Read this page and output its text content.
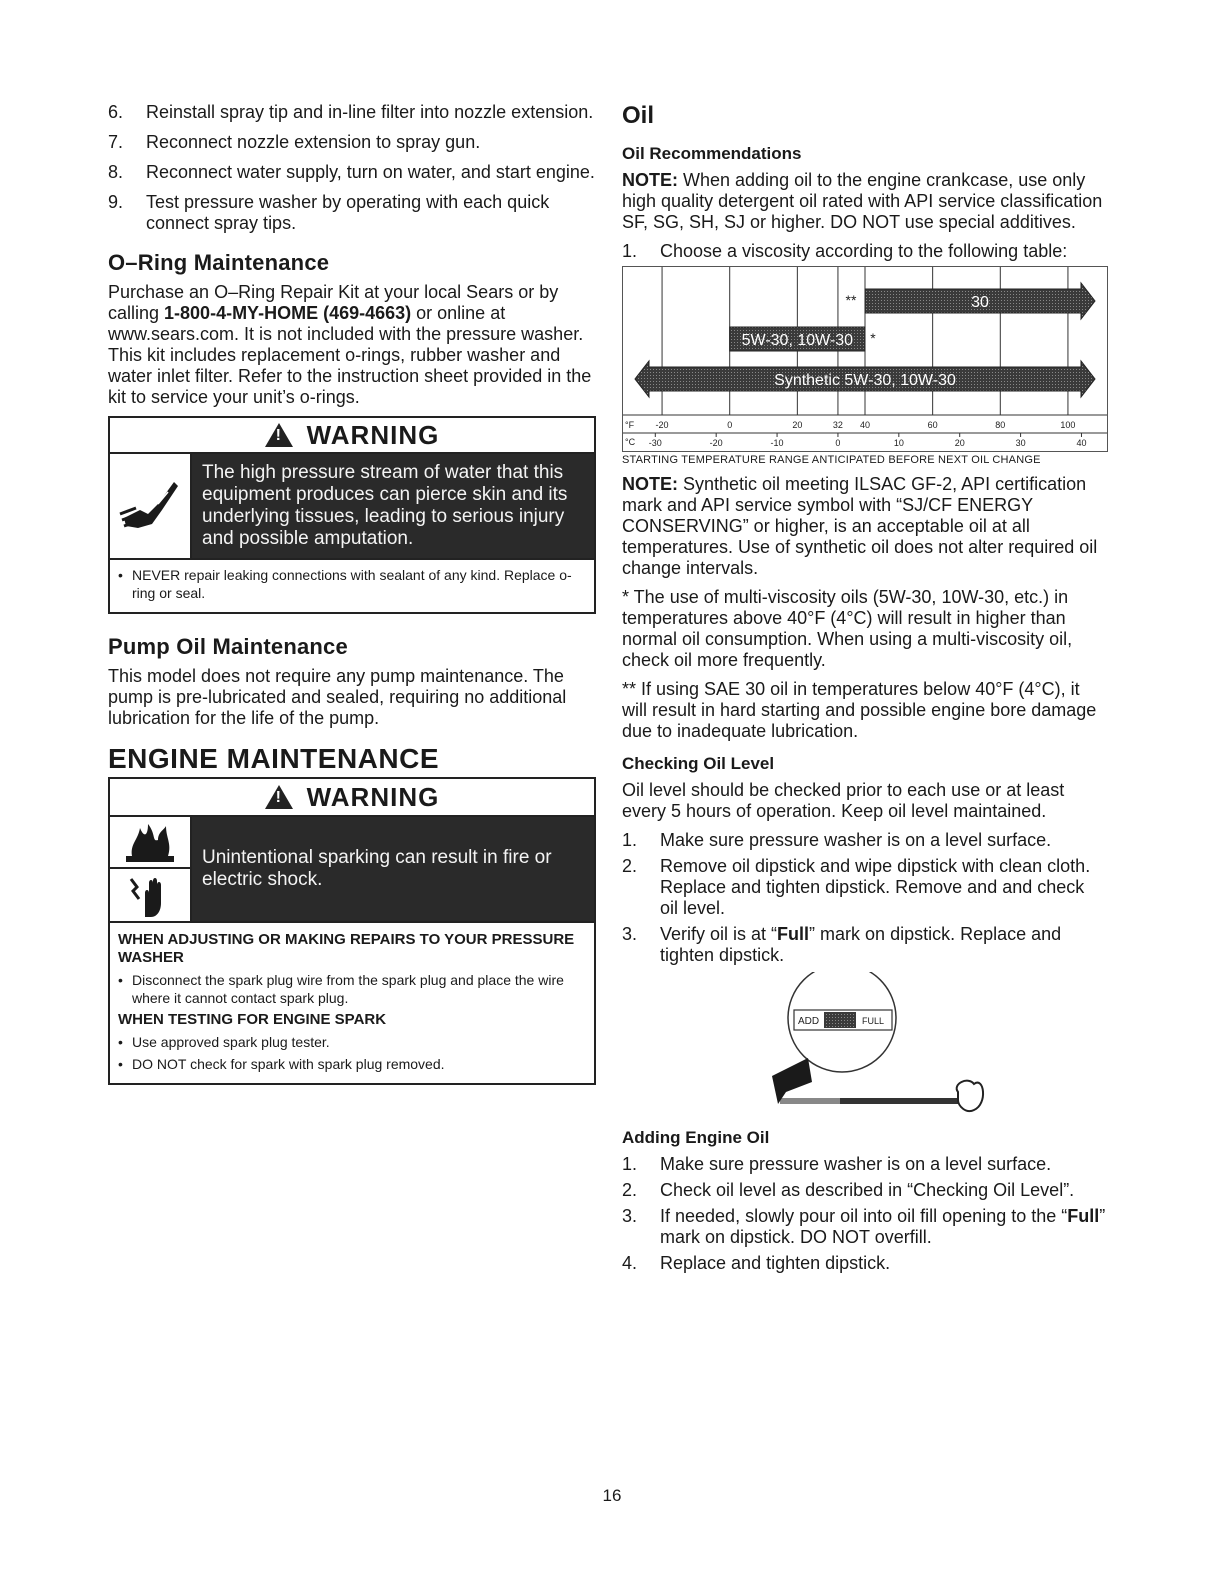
6. Reinstall spray tip and in-line filter into nozzle extension.
7. Reconnect nozzle extension to spray gun.
8. Reconnect water supply, turn on water, and start engine.
9. Test pressure washer by operating with each quick connect spray tips.
O–Ring Maintenance

Purchase an O–Ring Repair Kit at your local Sears or by calling 1-800-4-MY-HOME (469-4663) or online at www.sears.com. It is not included with the pressure washer. This kit includes replacement o-rings, rubber washer and water inlet filter. Refer to the instruction sheet provided in the kit to service your unit’s o-rings.

! WARNING
The high pressure stream of water that this equipment produces can pierce skin and its underlying tissues, leading to serious injury and possible amputation.
• NEVER repair leaking connections with sealant of any kind. Replace o-ring or seal.
Pump Oil Maintenance

This model does not require any pump maintenance. The pump is pre-lubricated and sealed, requiring no additional lubrication for the life of the pump.

ENGINE MAINTENANCE
! WARNING
Unintentional sparking can result in fire or electric shock.
WHEN ADJUSTING OR MAKING REPAIRS TO YOUR PRESSURE WASHER
• Disconnect the spark plug wire from the spark plug and place the wire where it cannot contact spark plug.
WHEN TESTING FOR ENGINE SPARK
• Use approved spark plug tester.
• DO NOT check for spark with spark plug removed.
Oil
Oil Recommendations

NOTE: When adding oil to the engine crankcase, use only high quality detergent oil rated with API service classification SF, SG, SH, SJ or higher. DO NOT use special additives.

1. Choose a viscosity according to the following table:
30
**
5W-30, 10W-30 *
Synthetic 5W-30, 10W-30
°F -20	0	20	32 40	60	80	100
°C -30	-20	-10	0	10	20	30	40
STARTING TEMPERATURE RANGE ANTICIPATED BEFORE NEXT OIL CHANGE

NOTE: Synthetic oil meeting ILSAC GF-2, API certification mark and API service symbol with “SJ/CF ENERGY CONSERVING” or higher, is an acceptable oil at all temperatures. Use of synthetic oil does not alter required oil change intervals.

* The use of multi-viscosity oils (5W-30, 10W-30, etc.) in temperatures above 40°F (4°C) will result in higher than normal oil consumption. When using a multi-viscosity oil, check oil more frequently.

** If using SAE 30 oil in temperatures below 40°F (4°C), it will result in hard starting and possible engine bore damage due to inadequate lubrication.

Checking Oil Level

Oil level should be checked prior to each use or at least every 5 hours of operation. Keep oil level maintained.

1. Make sure pressure washer is on a level surface.
2. Remove oil dipstick and wipe dipstick with clean cloth. Replace and tighten dipstick. Remove and and check oil level.
3. Verify oil is at “Full” mark on dipstick. Replace and tighten dipstick.
ADD	FULL
Adding Engine Oil
1. Make sure pressure washer is on a level surface.
2. Check oil level as described in “Checking Oil Level”.
3. If needed, slowly pour oil into oil fill opening to the “Full” mark on dipstick. DO NOT overfill.
4. Replace and tighten dipstick.
16
